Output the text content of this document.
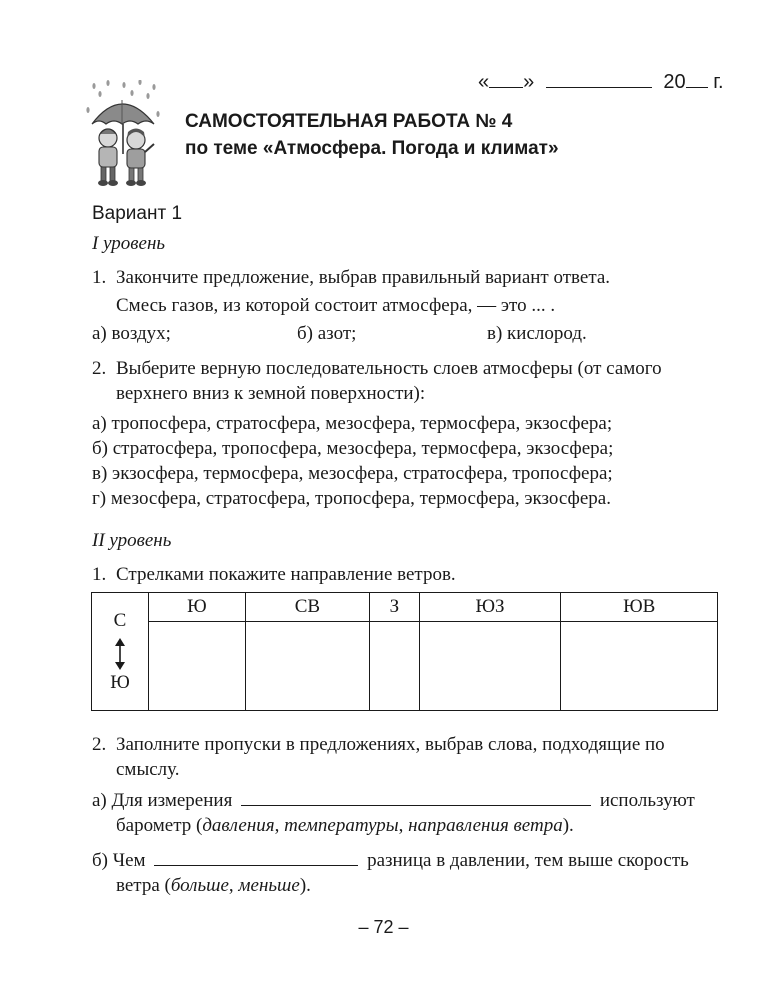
« »	20 г.
САМОСТОЯТЕЛЬНАЯ РАБОТА № 4
по теме «Атмосфера. Погода и климат»
Вариант 1
I уровень
1. Закончите предложение, выбрав правильный вариант ответа.
Смесь газов, из которой состоит атмосфера, — это ... .
а) воздух;	б) азот;	в) кислород.
2. Выберите верную последовательность слоев атмосферы (от самого
верхнего вниз к земной поверхности):
а) тропосфера, стратосфера, мезосфера, термосфера, экзосфера;
б) стратосфера, тропосфера, мезосфера, термосфера, экзосфера;
в) экзосфера, термосфера, мезосфера, стратосфера, тропосфера;
г) мезосфера, стратосфера, тропосфера, термосфера, экзосфера.
II уровень
1. Стрелками покажите направление ветров.
С
Ю	Ю	СВ	З	ЮЗ	ЮВ

2. Заполните пропуски в предложениях, выбрав слова, подходящие по
смыслу.
а) Для измерения	используют
барометр (давления, температуры, направления ветра).
б) Чем	разница в давлении, тем выше скорость
ветра (больше, меньше).
– 72 –
